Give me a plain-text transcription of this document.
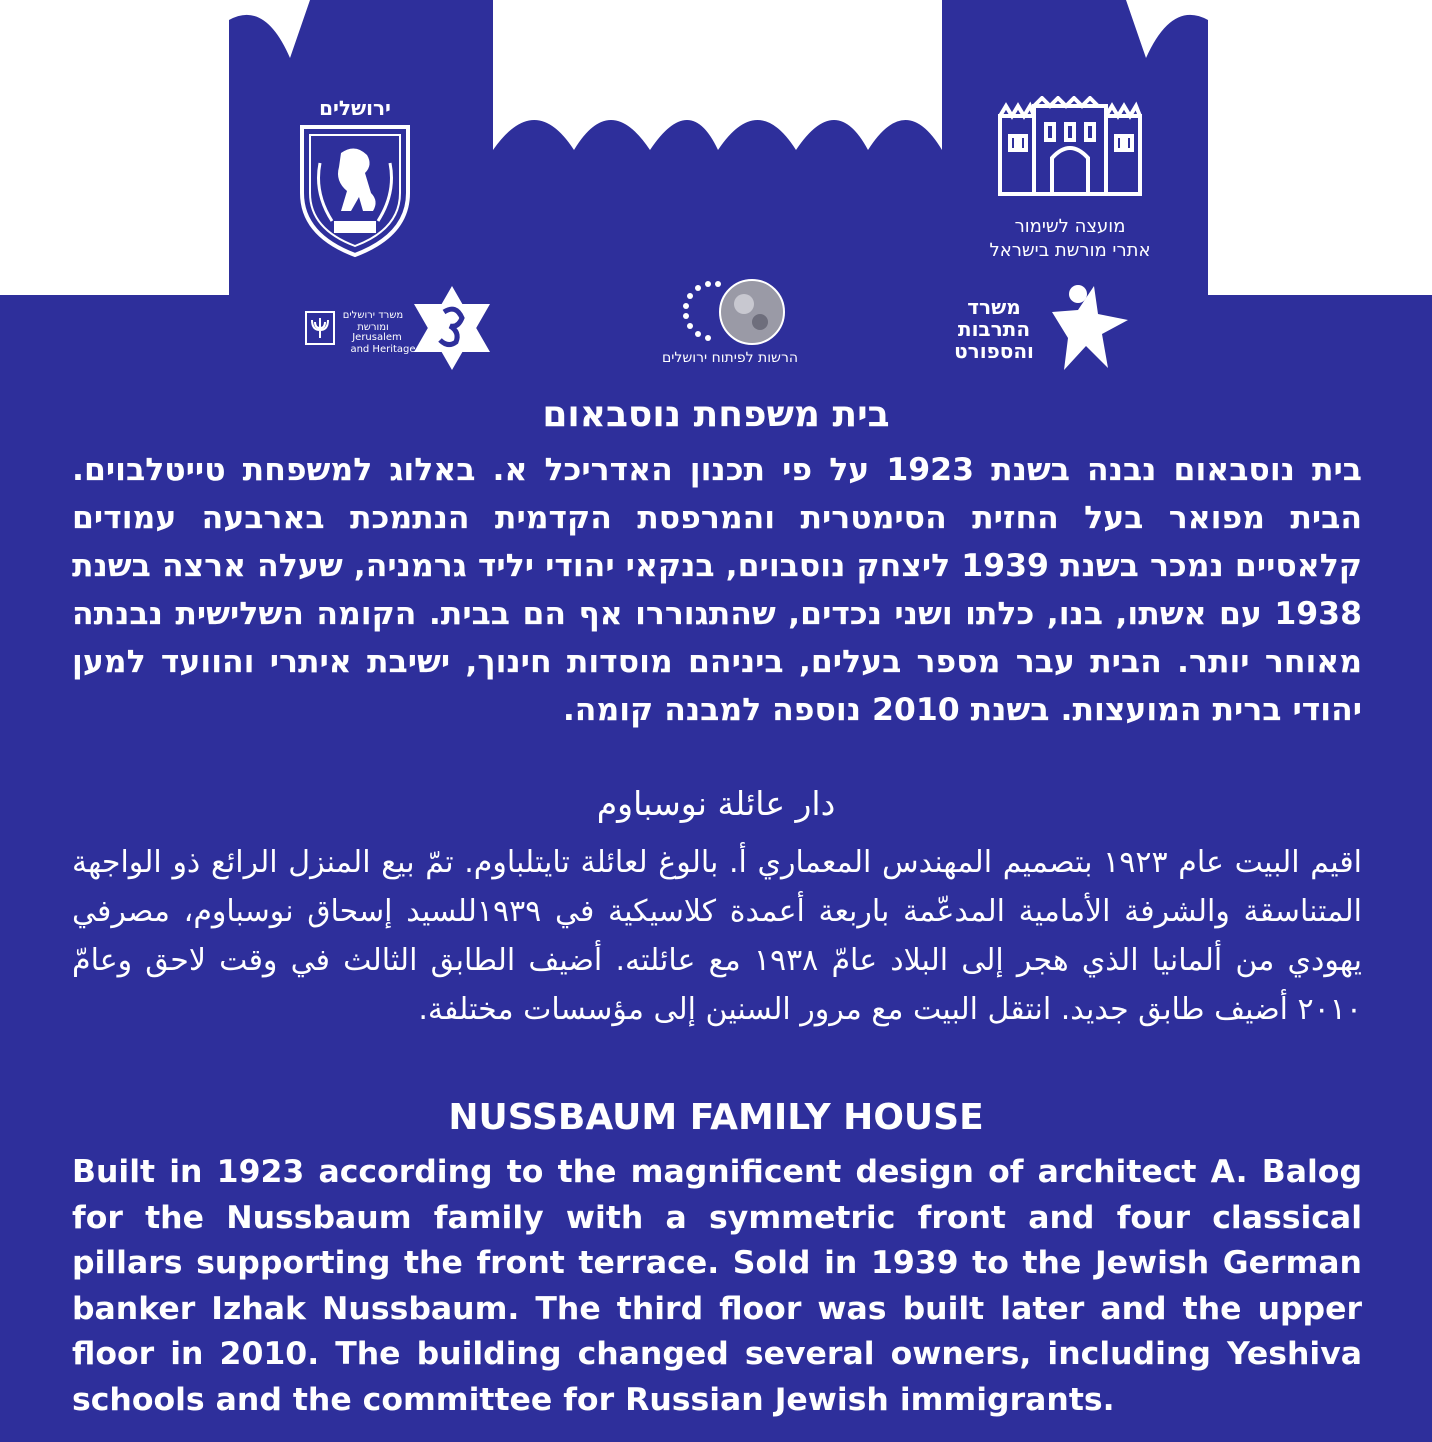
ירושלים
מועצה לשימור
אתרי מורשת בישראל
משרד ירושלים ומורשת
Jerusalem
and Heritage
הרשות לפיתוח ירושלים
משרד
התרבות
והספורט
בית משפחת נוסבאום

בית נוסבאום נבנה בשנת 1923 על פי תכנון האדריכל א. באלוג למשפחת טייטלבוים. הבית מפואר בעל החזית הסימטרית והמרפסת הקדמית הנתמכת בארבעה עמודים קלאסיים נמכר בשנת 1939 ליצחק נוסבוים, בנקאי יהודי יליד גרמניה, שעלה ארצה בשנת 1938 עם אשתו, בנו, כלתו ושני נכדים, שהתגוררו אף הם בבית. הקומה השלישית נבנתה מאוחר יותר. הבית עבר מספר בעלים, ביניהם מוסדות חינוך, ישיבת איתרי והוועד למען יהודי ברית המועצות. בשנת 2010 נוספה למבנה קומה.

دار عائلة نوسباوم

اقيم البيت عام ١٩٢٣ بتصميم المهندس المعماري أ. بالوغ لعائلة تايتلباوم. تمّ بيع المنزل الرائع ذو الواجهة المتناسقة والشرفة الأمامية المدعّمة باربعة أعمدة كلاسيكية في ١٩٣٩للسيد إسحاق نوسباوم، مصرفي يهودي من ألمانيا الذي هجر إلى البلاد عامّ ١٩٣٨ مع عائلته. أضيف الطابق الثالث في وقت لاحق وعامّ ٢٠١٠ أضيف طابق جديد. انتقل البيت مع مرور السنين إلى مؤسسات مختلفة.

NUSSBAUM FAMILY HOUSE

Built in 1923 according to the magnificent design of architect A. Balog for the Nussbaum family with a symmetric front and four classical pillars supporting the front terrace. Sold in 1939 to the Jewish German banker Izhak Nussbaum. The third floor was built later and the upper floor in 2010. The building changed several owners, including Yeshiva schools and the committee for Russian Jewish immigrants.
